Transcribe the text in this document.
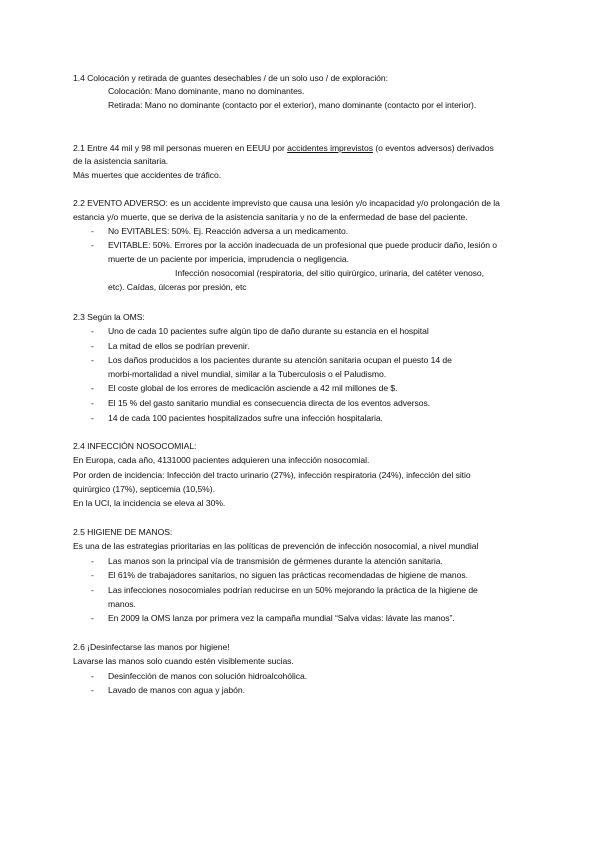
1.4 Colocación y retirada de guantes desechables / de un solo uso / de exploración:
Colocación: Mano dominante, mano no dominantes.
Retirada: Mano no dominante (contacto por el exterior), mano dominante (contacto por el interior).
2.1 Entre 44 mil y 98 mil personas mueren en EEUU por accidentes imprevistos (o eventos adversos) derivados
de la asistencia sanitaria.
Más muertes que accidentes de tráfico.
2.2 EVENTO ADVERSO: es un accidente imprevisto que causa una lesión y/o incapacidad y/o prolongación de la
estancia y/o muerte, que se deriva de la asistencia sanitaria y no de la enfermedad de base del paciente.
- No EVITABLES: 50%. Ej. Reacción adversa a un medicamento.
- EVITABLE: 50%. Errores por la acción inadecuada de un profesional que puede producir daño, lesión o
muerte de un paciente por impericia, imprudencia o negligencia.
Infección nosocomial (respiratoria, del sitio quirúrgico, urinaria, del catéter venoso,
etc). Caídas, úlceras por presión, etc
2.3 Según la OMS:
- Uno de cada 10 pacientes sufre algún tipo de daño durante su estancia en el hospital
- La mitad de ellos se podrían prevenir.
- Los daños producidos a los pacientes durante su atención sanitaria ocupan el puesto 14 de
morbi-mortalidad a nivel mundial, similar a la Tuberculosis o el Paludismo.
- El coste global de los errores de medicación asciende a 42 mil millones de $.
- El 15 % del gasto sanitario mundial es consecuencia directa de los eventos adversos.
- 14 de cada 100 pacientes hospitalizados sufre una infección hospitalaria.
2.4 INFECCIÓN NOSOCOMIAL:
En Europa, cada año, 4131000 pacientes adquieren una infección nosocomial.
Por orden de incidencia: Infección del tracto urinario (27%), infección respiratoria (24%), infección del sitio
quirúrgico (17%), septicemia (10,5%).
En la UCI, la incidencia se eleva al 30%.
2.5 HIGIENE DE MANOS:
Es una de las estrategias prioritarias en las políticas de prevención de infección nosocomial, a nivel mundial
- Las manos son la principal vía de transmisión de gérmenes durante la atención sanitaria.
- El 61% de trabajadores sanitarios, no siguen las prácticas recomendadas de higiene de manos.
- Las infecciones nosocomiales podrían reducirse en un 50% mejorando la práctica de la higiene de
manos.
- En 2009 la OMS lanza por primera vez la campaña mundial “Salva vidas: lávate las manos”.
2.6 ¡Desinfectarse las manos por higiene!
Lavarse las manos solo cuando estén visiblemente sucias.
- Desinfección de manos con solución hidroalcohólica.
- Lavado de manos con agua y jabón.
